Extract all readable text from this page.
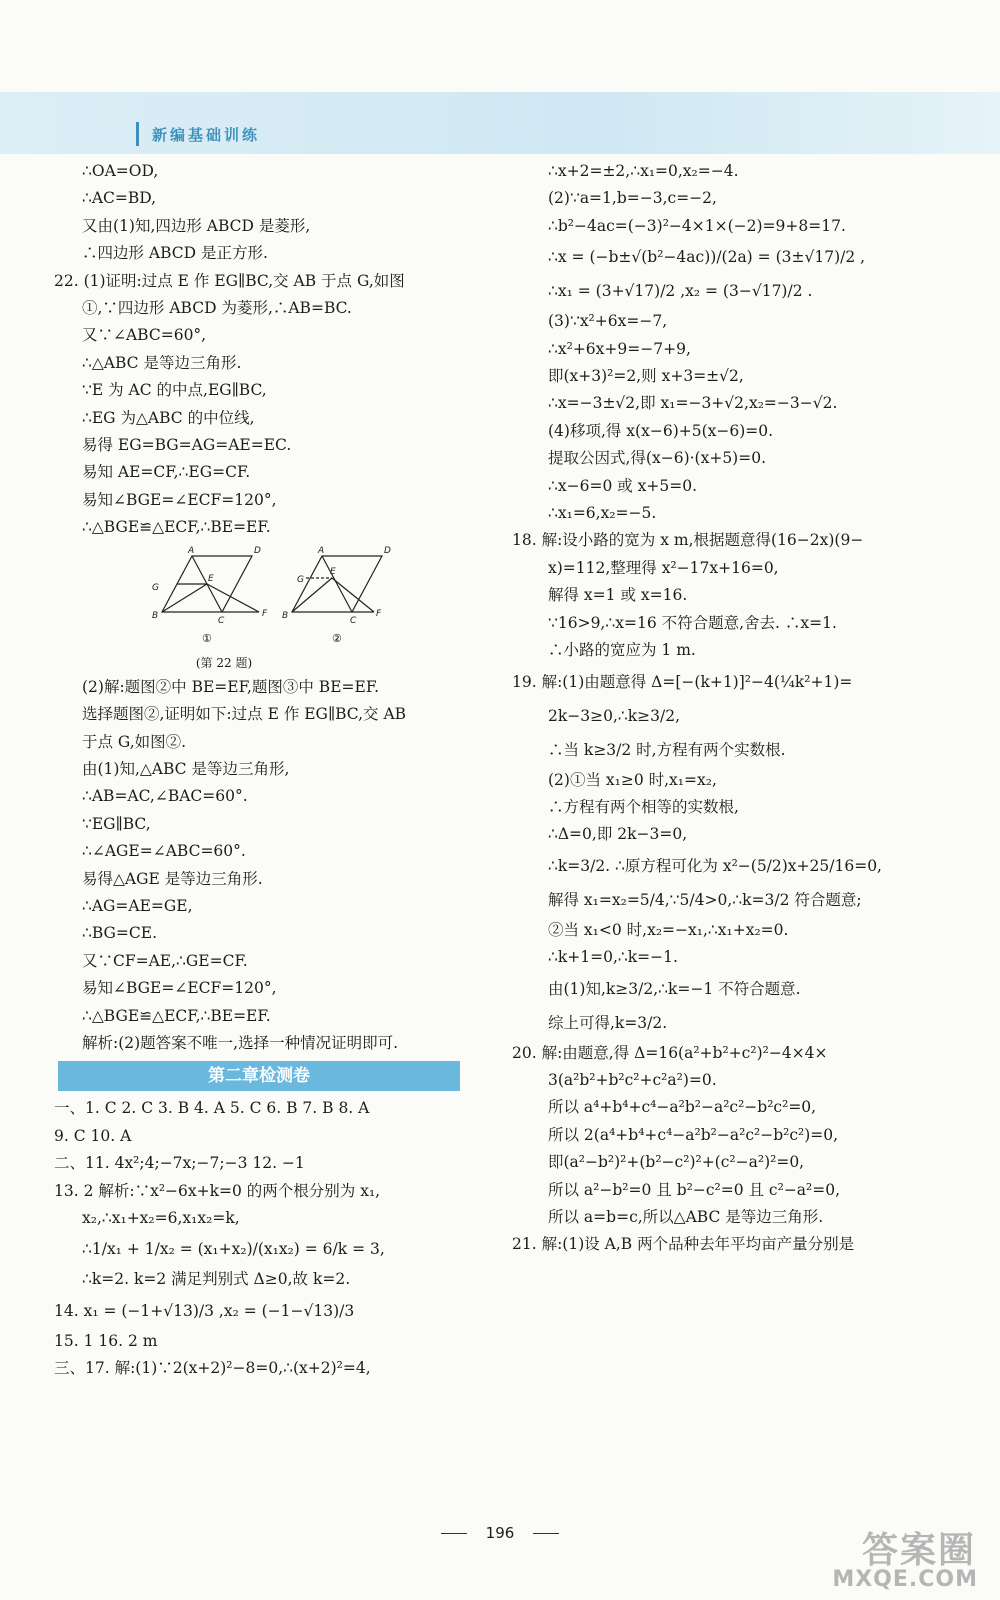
新编基础训练
∴OA=OD,
∴AC=BD,
又由(1)知,四边形 ABCD 是菱形,
∴四边形 ABCD 是正方形.
22. (1)证明:过点 E 作 EG∥BC,交 AB 于点 G,如图
①,∵四边形 ABCD 为菱形,∴AB=BC.
又∵∠ABC=60°,
∴△ABC 是等边三角形.
∵E 为 AC 的中点,EG∥BC,
∴EG 为△ABC 的中位线,
易得 EG=BG=AG=AE=EC.
易知 AE=CF,∴EG=CF.
易知∠BGE=∠ECF=120°,
∴△BGE≌△ECF,∴BE=EF.
A	D
G
E
B	C
F
A	D
G
E
B	C
F
①	②
(第 22 题)
(2)解:题图②中 BE=EF,题图③中 BE=EF.
选择题图②,证明如下:过点 E 作 EG∥BC,交 AB
于点 G,如图②.
由(1)知,△ABC 是等边三角形,
∴AB=AC,∠BAC=60°.
∵EG∥BC,
∴∠AGE=∠ABC=60°.
易得△AGE 是等边三角形.
∴AG=AE=GE,
∴BG=CE.
又∵CF=AE,∴GE=CF.
易知∠BGE=∠ECF=120°,
∴△BGE≌△ECF,∴BE=EF.
解析:(2)题答案不唯一,选择一种情况证明即可.
第二章检测卷
一、1. C 2. C 3. B 4. A 5. C 6. B 7. B 8. A
9. C 10. A
二、11. 4x²;4;−7x;−7;−3 12. −1
13. 2 解析:∵x²−6x+k=0 的两个根分别为 x₁,
x₂,∴x₁+x₂=6,x₁x₂=k,
∴1/x₁ + 1/x₂ = (x₁+x₂)/(x₁x₂) = 6/k = 3,
∴k=2. k=2 满足判别式 Δ≥0,故 k=2.
14. x₁ = (−1+√13)/3 ,x₂ = (−1−√13)/3
15. 1 16. 2 m
三、17. 解:(1)∵2(x+2)²−8=0,∴(x+2)²=4,
∴x+2=±2,∴x₁=0,x₂=−4.
(2)∵a=1,b=−3,c=−2,
∴b²−4ac=(−3)²−4×1×(−2)=9+8=17.
∴x = (−b±√(b²−4ac))/(2a) = (3±√17)/2 ,
∴x₁ = (3+√17)/2 ,x₂ = (3−√17)/2 .
(3)∵x²+6x=−7,
∴x²+6x+9=−7+9,
即(x+3)²=2,则 x+3=±√2,
∴x=−3±√2,即 x₁=−3+√2,x₂=−3−√2.
(4)移项,得 x(x−6)+5(x−6)=0.
提取公因式,得(x−6)·(x+5)=0.
∴x−6=0 或 x+5=0.
∴x₁=6,x₂=−5.
18. 解:设小路的宽为 x m,根据题意得(16−2x)(9−
x)=112,整理得 x²−17x+16=0,
解得 x=1 或 x=16.
∵16>9,∴x=16 不符合题意,舍去. ∴x=1.
∴小路的宽应为 1 m.
19. 解:(1)由题意得 Δ=[−(k+1)]²−4(¼k²+1)=
2k−3≥0,∴k≥3/2,
∴当 k≥3/2 时,方程有两个实数根.
(2)①当 x₁≥0 时,x₁=x₂,
∴方程有两个相等的实数根,
∴Δ=0,即 2k−3=0,
∴k=3/2. ∴原方程可化为 x²−(5/2)x+25/16=0,
解得 x₁=x₂=5/4,∵5/4>0,∴k=3/2 符合题意;
②当 x₁<0 时,x₂=−x₁,∴x₁+x₂=0.
∴k+1=0,∴k=−1.
由(1)知,k≥3/2,∴k=−1 不符合题意.
综上可得,k=3/2.
20. 解:由题意,得 Δ=16(a²+b²+c²)²−4×4×
3(a²b²+b²c²+c²a²)=0.
所以 a⁴+b⁴+c⁴−a²b²−a²c²−b²c²=0,
所以 2(a⁴+b⁴+c⁴−a²b²−a²c²−b²c²)=0,
即(a²−b²)²+(b²−c²)²+(c²−a²)²=0,
所以 a²−b²=0 且 b²−c²=0 且 c²−a²=0,
所以 a=b=c,所以△ABC 是等边三角形.
21. 解:(1)设 A,B 两个品种去年平均亩产量分别是
196	答案圈
MXQE.COM
